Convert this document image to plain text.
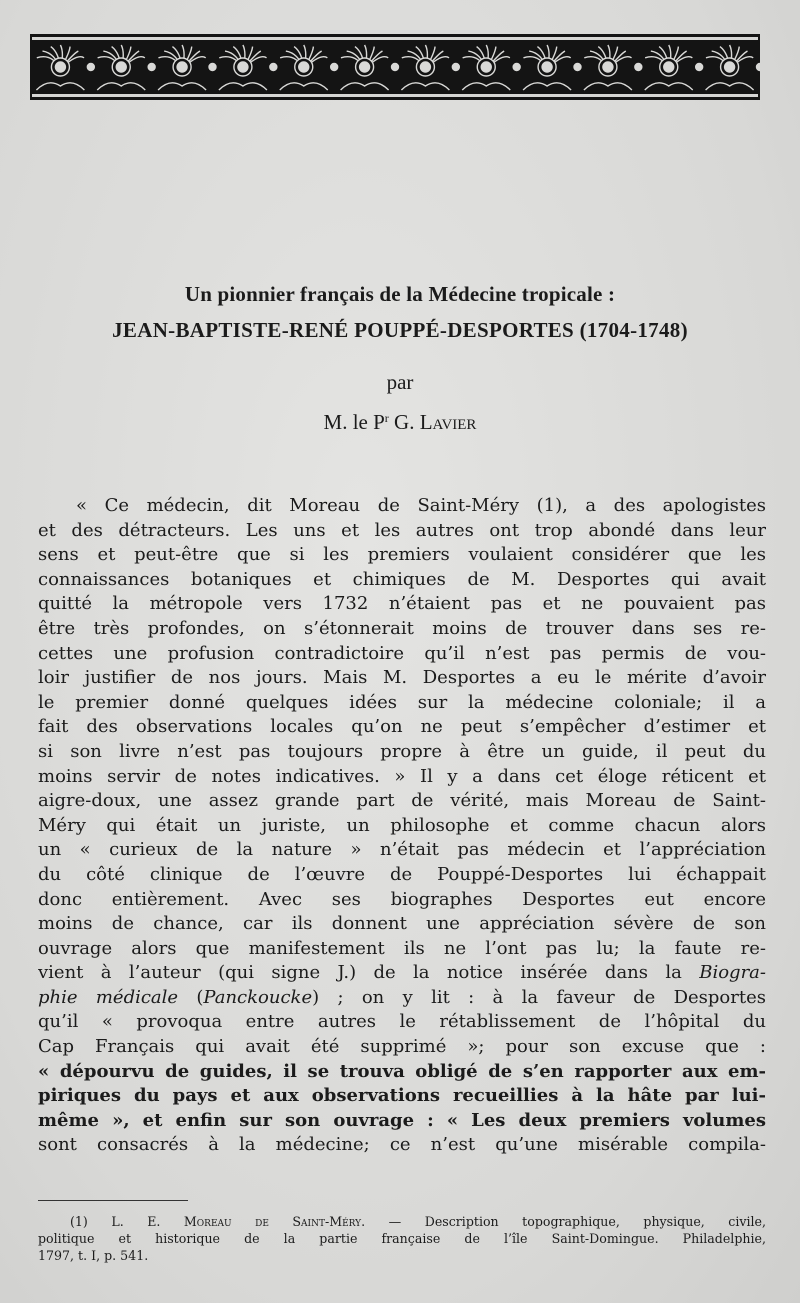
Un pionnier français de la Médecine tropicale :
JEAN-BAPTISTE-RENÉ POUPPÉ-DESPORTES (1704-1748)
par
M. le $P^r$ G. Lavier
« Ce médecin, dit Moreau de Saint-Méry (1), a des apologistes
et des détracteurs. Les uns et les autres ont trop abondé dans leur
sens et peut-être que si les premiers voulaient considérer que les
connaissances botaniques et chimiques de M. Desportes qui avait
quitté la métropole vers 1732 n’étaient pas et ne pouvaient pas
être très profondes, on s’étonnerait moins de trouver dans ses re-
cettes une profusion contradictoire qu’il n’est pas permis de vou-
loir justifier de nos jours. Mais M. Desportes a eu le mérite d’avoir
le premier donné quelques idées sur la médecine coloniale; il a
fait des observations locales qu’on ne peut s’empêcher d’estimer et
si son livre n’est pas toujours propre à être un guide, il peut du
moins servir de notes indicatives. » Il y a dans cet éloge réticent et
aigre-doux, une assez grande part de vérité, mais Moreau de Saint-
Méry qui était un juriste, un philosophe et comme chacun alors
un « curieux de la nature » n’était pas médecin et l’appréciation
du côté clinique de l’œuvre de Pouppé-Desportes lui échappait
donc entièrement. Avec ses biographes Desportes eut encore
moins de chance, car ils donnent une appréciation sévère de son
ouvrage alors que manifestement ils ne l’ont pas lu; la faute re-
vient à l’auteur (qui signe J.) de la notice insérée dans la Biogra-
phie médicale (Panckoucke) ; on y lit : à la faveur de Desportes
qu’il « provoqua entre autres le rétablissement de l’hôpital du
Cap Français qui avait été supprimé »; pour son excuse que :
« dépourvu de guides, il se trouva obligé de s’en rapporter aux em-
piriques du pays et aux observations recueillies à la hâte par lui-
même », et enfin sur son ouvrage : « Les deux premiers volumes
sont consacrés à la médecine; ce n’est qu’une misérable compila-
(1) L. E. Moreau de Saint-Méry. — Description topographique, physique, civile,
politique et historique de la partie française de l’île Saint-Domingue. Philadelphie,
1797, t. I, p. 541.
